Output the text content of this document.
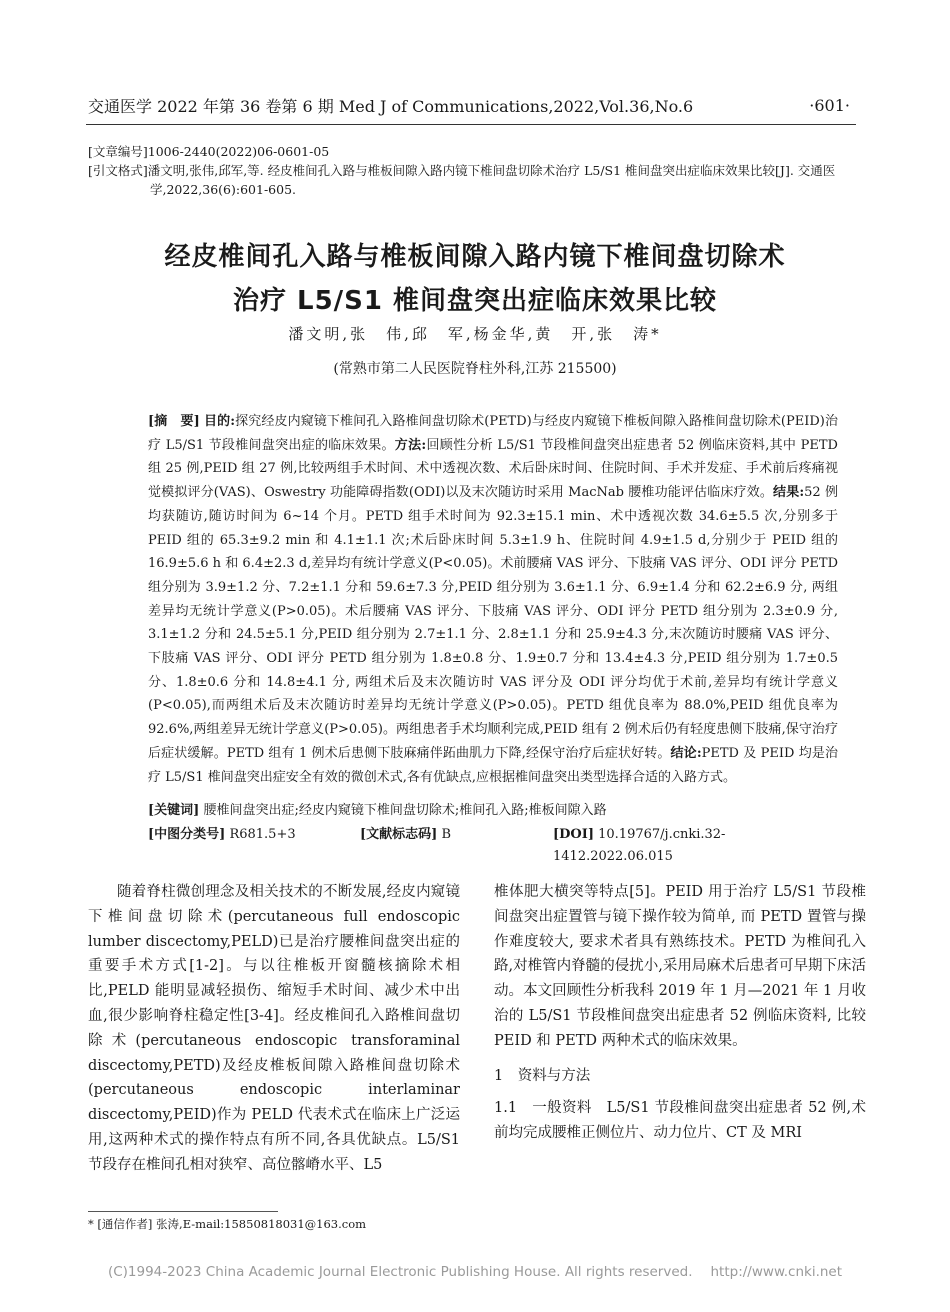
交通医学 2022 年第 36 卷第 6 期 Med J of Communications,2022,Vol.36,No.6	·601·

[文章编号]1006-2440(2022)06-0601-05

[引文格式]潘文明,张伟,邱军,等. 经皮椎间孔入路与椎板间隙入路内镜下椎间盘切除术治疗 L5/S1 椎间盘突出症临床效果比较[J]. 交通医学,2022,36(6):601-605.

经皮椎间孔入路与椎板间隙入路内镜下椎间盘切除术
治疗 L5/S1 椎间盘突出症临床效果比较
潘文明,张　伟,邱　军,杨金华,黄　开,张　涛*
(常熟市第二人民医院脊柱外科,江苏 215500)

[摘　要] 目的:探究经皮内窥镜下椎间孔入路椎间盘切除术(PETD)与经皮内窥镜下椎板间隙入路椎间盘切除术(PEID)治疗 L5/S1 节段椎间盘突出症的临床效果。方法:回顾性分析 L5/S1 节段椎间盘突出症患者 52 例临床资料,其中 PETD 组 25 例,PEID 组 27 例,比较两组手术时间、术中透视次数、术后卧床时间、住院时间、手术并发症、手术前后疼痛视觉模拟评分(VAS)、Oswestry 功能障碍指数(ODI)以及末次随访时采用 MacNab 腰椎功能评估临床疗效。结果:52 例均获随访,随访时间为 6~14 个月。PETD 组手术时间为 92.3±15.1 min、术中透视次数 34.6±5.5 次,分别多于 PEID 组的 65.3±9.2 min 和 4.1±1.1 次;术后卧床时间 5.3±1.9 h、住院时间 4.9±1.5 d,分别少于 PEID 组的 16.9±5.6 h 和 6.4±2.3 d,差异均有统计学意义(P<0.05)。术前腰痛 VAS 评分、下肢痛 VAS 评分、ODI 评分 PETD 组分别为 3.9±1.2 分、7.2±1.1 分和 59.6±7.3 分,PEID 组分别为 3.6±1.1 分、6.9±1.4 分和 62.2±6.9 分, 两组差异均无统计学意义(P>0.05)。术后腰痛 VAS 评分、下肢痛 VAS 评分、ODI 评分 PETD 组分别为 2.3±0.9 分, 3.1±1.2 分和 24.5±5.1 分,PEID 组分别为 2.7±1.1 分、2.8±1.1 分和 25.9±4.3 分,末次随访时腰痛 VAS 评分、下肢痛 VAS 评分、ODI 评分 PETD 组分别为 1.8±0.8 分、1.9±0.7 分和 13.4±4.3 分,PEID 组分别为 1.7±0.5 分、1.8±0.6 分和 14.8±4.1 分, 两组术后及末次随访时 VAS 评分及 ODI 评分均优于术前,差异均有统计学意义(P<0.05),而两组术后及末次随访时差异均无统计学意义(P>0.05)。PETD 组优良率为 88.0%,PEID 组优良率为 92.6%,两组差异无统计学意义(P>0.05)。两组患者手术均顺利完成,PEID 组有 2 例术后仍有轻度患侧下肢痛,保守治疗后症状缓解。PETD 组有 1 例术后患侧下肢麻痛伴跖曲肌力下降,经保守治疗后症状好转。结论:PETD 及 PEID 均是治疗 L5/S1 椎间盘突出症安全有效的微创术式,各有优缺点,应根据椎间盘突出类型选择合适的入路方式。

[关键词] 腰椎间盘突出症;经皮内窥镜下椎间盘切除术;椎间孔入路;椎板间隙入路
[中图分类号] R681.5+3	[文献标志码] B	[DOI] 10.19767/j.cnki.32-1412.2022.06.015

随着脊柱微创理念及相关技术的不断发展,经皮内窥镜下椎间盘切除术(percutaneous full endoscopic lumber discectomy,PELD)已是治疗腰椎间盘突出症的重要手术方式[1-2]。与以往椎板开窗髓核摘除术相比,PELD 能明显减轻损伤、缩短手术时间、减少术中出血,很少影响脊柱稳定性[3-4]。经皮椎间孔入路椎间盘切除术(percutaneous endoscopic transforaminal discectomy,PETD)及经皮椎板间隙入路椎间盘切除术(percutaneous endoscopic interlaminar discectomy,PEID)作为 PELD 代表术式在临床上广泛运用,这两种术式的操作特点有所不同,各具优缺点。L5/S1 节段存在椎间孔相对狭窄、高位髂嵴水平、L5

椎体肥大横突等特点[5]。PEID 用于治疗 L5/S1 节段椎间盘突出症置管与镜下操作较为简单, 而 PETD 置管与操作难度较大, 要求术者具有熟练技术。PETD 为椎间孔入路,对椎管内脊髓的侵扰小,采用局麻术后患者可早期下床活动。本文回顾性分析我科 2019 年 1 月—2021 年 1 月收治的 L5/S1 节段椎间盘突出症患者 52 例临床资料, 比较 PEID 和 PETD 两种术式的临床效果。

1　资料与方法

1.1　一般资料　 L5/S1 节段椎间盘突出症患者 52 例,术前均完成腰椎正侧位片、动力位片、CT 及 MRI

* [通信作者] 张涛,E-mail:15850818031@163.com
(C)1994-2023 China Academic Journal Electronic Publishing House. All rights reserved. http://www.cnki.net
